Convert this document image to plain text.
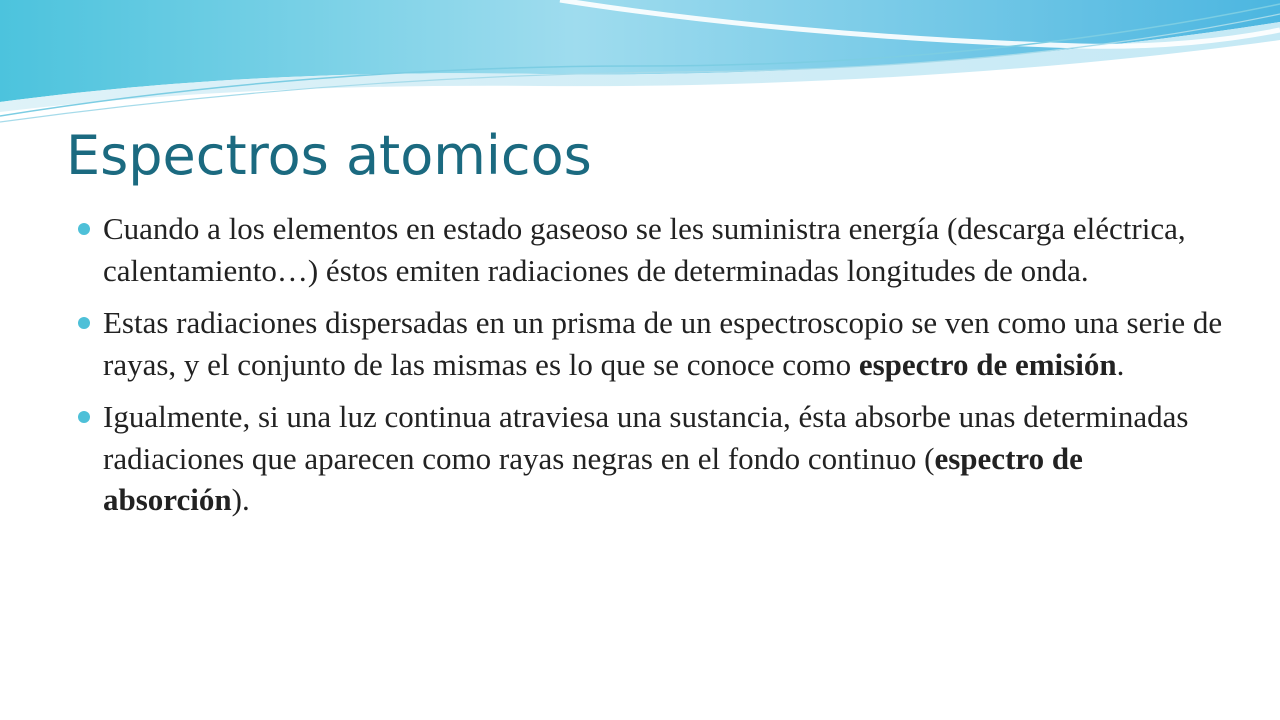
Espectros atomicos

Cuando a los elementos en estado gaseoso se les suministra energía (descarga eléctrica, calentamiento…) éstos emiten radiaciones de determinadas longitudes de onda.

Estas radiaciones dispersadas en un prisma de un espectroscopio se ven como una serie de rayas, y el conjunto de las mismas es lo que se conoce como espectro de emisión.

Igualmente, si una luz continua atraviesa una sustancia, ésta absorbe unas determinadas radiaciones que aparecen como rayas negras en el fondo continuo (espectro de absorción).
